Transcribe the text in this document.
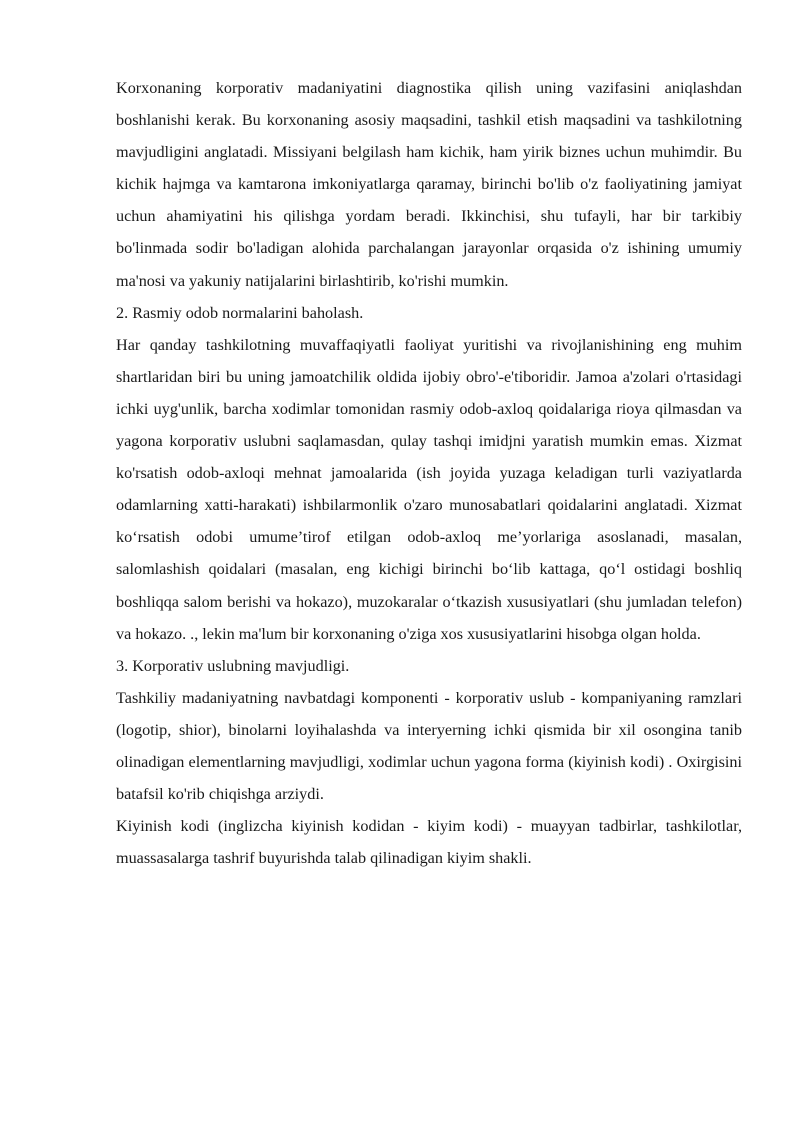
Korxonaning korporativ madaniyatini diagnostika qilish uning vazifasini aniqlashdan boshlanishi kerak. Bu korxonaning asosiy maqsadini, tashkil etish maqsadini va tashkilotning mavjudligini anglatadi. Missiyani belgilash ham kichik, ham yirik biznes uchun muhimdir. Bu kichik hajmga va kamtarona imkoniyatlarga qaramay, birinchi bo'lib o'z faoliyatining jamiyat uchun ahamiyatini his qilishga yordam beradi. Ikkinchisi, shu tufayli, har bir tarkibiy bo'linmada sodir bo'ladigan alohida parchalangan jarayonlar orqasida o'z ishining umumiy ma'nosi va yakuniy natijalarini birlashtirib, ko'rishi mumkin.

2. Rasmiy odob normalarini baholash.

Har qanday tashkilotning muvaffaqiyatli faoliyat yuritishi va rivojlanishining eng muhim shartlaridan biri bu uning jamoatchilik oldida ijobiy obro'-e'tiboridir. Jamoa a'zolari o'rtasidagi ichki uyg'unlik, barcha xodimlar tomonidan rasmiy odob-axloq qoidalariga rioya qilmasdan va yagona korporativ uslubni saqlamasdan, qulay tashqi imidjni yaratish mumkin emas. Xizmat ko'rsatish odob-axloqi mehnat jamoalarida (ish joyida yuzaga keladigan turli vaziyatlarda odamlarning xatti-harakati) ishbilarmonlik o'zaro munosabatlari qoidalarini anglatadi. Xizmat ko‘rsatish odobi umume’tirof etilgan odob-axloq me’yorlariga asoslanadi, masalan, salomlashish qoidalari (masalan, eng kichigi birinchi bo‘lib kattaga, qo‘l ostidagi boshliq boshliqqa salom berishi va hokazo), muzokaralar o‘tkazish xususiyatlari (shu jumladan telefon) va hokazo. ., lekin ma'lum bir korxonaning o'ziga xos xususiyatlarini hisobga olgan holda.

3. Korporativ uslubning mavjudligi.

Tashkiliy madaniyatning navbatdagi komponenti - korporativ uslub - kompaniyaning ramzlari (logotip, shior), binolarni loyihalashda va interyerning ichki qismida bir xil osongina tanib olinadigan elementlarning mavjudligi, xodimlar uchun yagona forma (kiyinish kodi) . Oxirgisini batafsil ko'rib chiqishga arziydi.

Kiyinish kodi (inglizcha kiyinish kodidan - kiyim kodi) - muayyan tadbirlar, tashkilotlar, muassasalarga tashrif buyurishda talab qilinadigan kiyim shakli.
